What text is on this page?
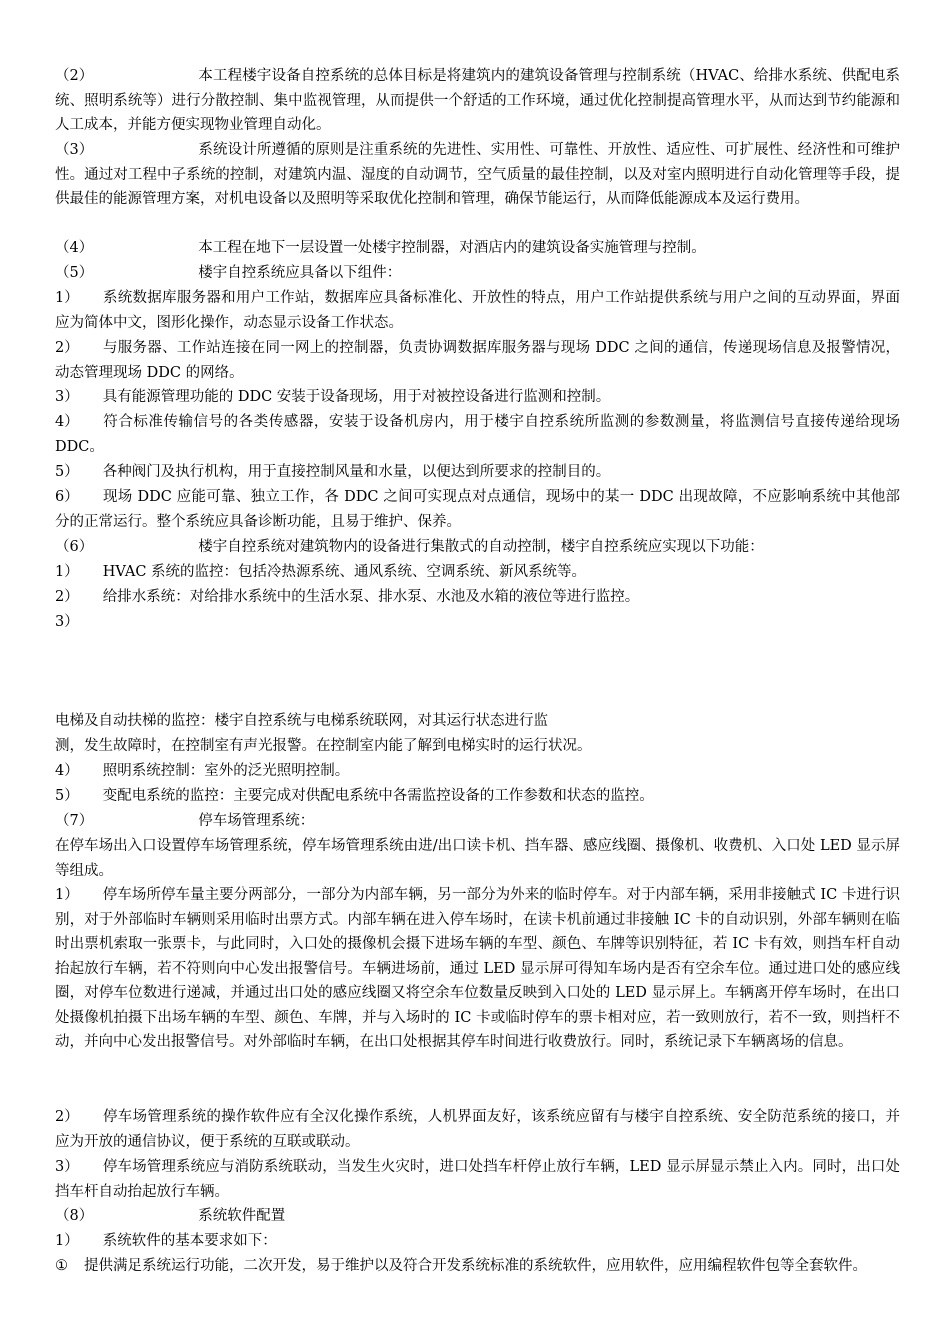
（2）	本工程楼宇设备自控系统的总体目标是将建筑内的建筑设备管理与控制系统（HVAC、给排水系统、供配电系统、照明系统等）进行分散控制、集中监视管理，从而提供一个舒适的工作环境，通过优化控制提高管理水平，从而达到节约能源和人工成本，并能方便实现物业管理自动化。

（3）	系统设计所遵循的原则是注重系统的先进性、实用性、可靠性、开放性、适应性、可扩展性、经济性和可维护性。通过对工程中子系统的控制，对建筑内温、湿度的自动调节，空气质量的最佳控制，以及对室内照明进行自动化管理等手段，提供最佳的能源管理方案，对机电设备以及照明等采取优化控制和管理，确保节能运行，从而降低能源成本及运行费用。

（4）	本工程在地下一层设置一处楼宇控制器，对酒店内的建筑设备实施管理与控制。

（5）	楼宇自控系统应具备以下组件：

1） 系统数据库服务器和用户工作站，数据库应具备标准化、开放性的特点，用户工作站提供系统与用户之间的互动界面，界面应为简体中文，图形化操作，动态显示设备工作状态。

2） 与服务器、工作站连接在同一网上的控制器，负责协调数据库服务器与现场 DDC 之间的通信，传递现场信息及报警情况，动态管理现场 DDC 的网络。

3） 具有能源管理功能的 DDC 安装于设备现场，用于对被控设备进行监测和控制。

4） 符合标准传输信号的各类传感器，安装于设备机房内，用于楼宇自控系统所监测的参数测量，将监测信号直接传递给现场 DDC。

5） 各种阀门及执行机构，用于直接控制风量和水量，以便达到所要求的控制目的。

6） 现场 DDC 应能可靠、独立工作，各 DDC 之间可实现点对点通信，现场中的某一 DDC 出现故障，不应影响系统中其他部分的正常运行。整个系统应具备诊断功能，且易于维护、保养。

（6）	楼宇自控系统对建筑物内的设备进行集散式的自动控制，楼宇自控系统应实现以下功能：

1） HVAC 系统的监控：包括冷热源系统、通风系统、空调系统、新风系统等。

2） 给排水系统：对给排水系统中的生活水泵、排水泵、水池及水箱的液位等进行监控。

3）

电梯及自动扶梯的监控：楼宇自控系统与电梯系统联网，对其运行状态进行监

测，发生故障时，在控制室有声光报警。在控制室内能了解到电梯实时的运行状况。

4） 照明系统控制：室外的泛光照明控制。

5） 变配电系统的监控：主要完成对供配电系统中各需监控设备的工作参数和状态的监控。

（7）	停车场管理系统：

在停车场出入口设置停车场管理系统，停车场管理系统由进/出口读卡机、挡车器、感应线圈、摄像机、收费机、入口处 LED 显示屏等组成。

1） 停车场所停车量主要分两部分，一部分为内部车辆，另一部分为外来的临时停车。对于内部车辆，采用非接触式 IC 卡进行识别，对于外部临时车辆则采用临时出票方式。内部车辆在进入停车场时，在读卡机前通过非接触 IC 卡的自动识别，外部车辆则在临时出票机索取一张票卡，与此同时，入口处的摄像机会摄下进场车辆的车型、颜色、车牌等识别特征，若 IC 卡有效，则挡车杆自动抬起放行车辆，若不符则向中心发出报警信号。车辆进场前，通过 LED 显示屏可得知车场内是否有空余车位。通过进口处的感应线圈，对停车位数进行递减，并通过出口处的感应线圈又将空余车位数量反映到入口处的 LED 显示屏上。车辆离开停车场时，在出口处摄像机拍摄下出场车辆的车型、颜色、车牌，并与入场时的 IC 卡或临时停车的票卡相对应，若一致则放行，若不一致，则挡杆不动，并向中心发出报警信号。对外部临时车辆，在出口处根据其停车时间进行收费放行。同时，系统记录下车辆离场的信息。

2） 停车场管理系统的操作软件应有全汉化操作系统，人机界面友好，该系统应留有与楼宇自控系统、安全防范系统的接口，并应为开放的通信协议，便于系统的互联或联动。

3） 停车场管理系统应与消防系统联动，当发生火灾时，进口处挡车杆停止放行车辆，LED 显示屏显示禁止入内。同时，出口处挡车杆自动抬起放行车辆。

（8）	系统软件配置

1） 系统软件的基本要求如下：

① 提供满足系统运行功能，二次开发，易于维护以及符合开发系统标准的系统软件，应用软件，应用编程软件包等全套软件。
